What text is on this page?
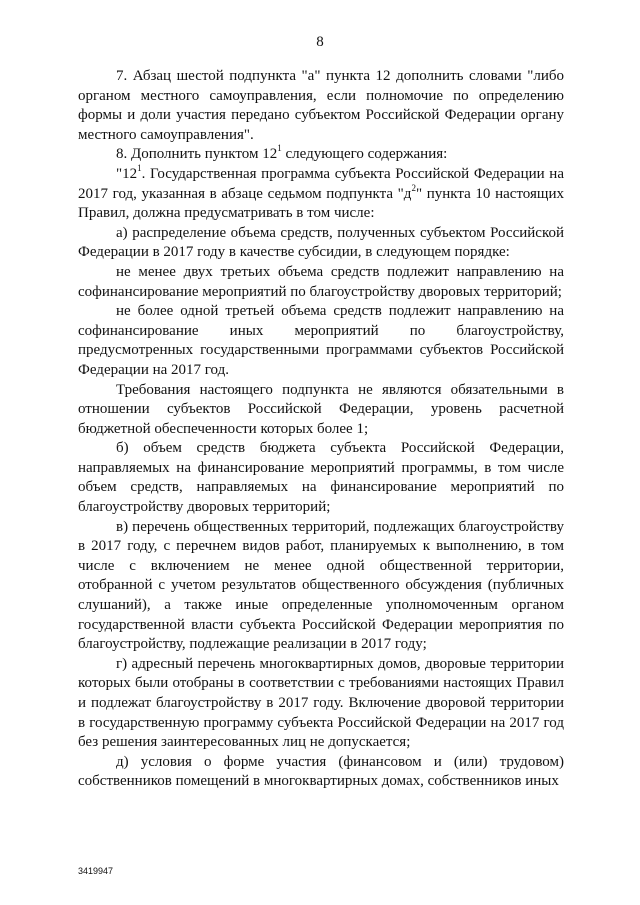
8

7. Абзац шестой подпункта "а" пункта 12 дополнить словами "либо органом местного самоуправления, если полномочие по определению формы и доли участия передано субъектом Российской Федерации органу местного самоуправления".

8. Дополнить пунктом $12^1$ следующего содержания:

"$12^1$. Государственная программа субъекта Российской Федерации на 2017 год, указанная в абзаце седьмом подпункта "$д^2$" пункта 10 настоящих Правил, должна предусматривать в том числе:

а) распределение объема средств, полученных субъектом Российской Федерации в 2017 году в качестве субсидии, в следующем порядке:

не менее двух третьих объема средств подлежит направлению на софинансирование мероприятий по благоустройству дворовых территорий;

не более одной третьей объема средств подлежит направлению на софинансирование иных мероприятий по благоустройству, предусмотренных государственными программами субъектов Российской Федерации на 2017 год.

Требования настоящего подпункта не являются обязательными в отношении субъектов Российской Федерации, уровень расчетной бюджетной обеспеченности которых более 1;

б) объем средств бюджета субъекта Российской Федерации, направляемых на финансирование мероприятий программы, в том числе объем средств, направляемых на финансирование мероприятий по благоустройству дворовых территорий;

в) перечень общественных территорий, подлежащих благоустройству в 2017 году, с перечнем видов работ, планируемых к выполнению, в том числе с включением не менее одной общественной территории, отобранной с учетом результатов общественного обсуждения (публичных слушаний), а также иные определенные уполномоченным органом государственной власти субъекта Российской Федерации мероприятия по благоустройству, подлежащие реализации в 2017 году;

г) адресный перечень многоквартирных домов, дворовые территории которых были отобраны в соответствии с требованиями настоящих Правил и подлежат благоустройству в 2017 году. Включение дворовой территории в государственную программу субъекта Российской Федерации на 2017 год без решения заинтересованных лиц не допускается;

д) условия о форме участия (финансовом и (или) трудовом) собственников помещений в многоквартирных домах, собственников иных

3419947
